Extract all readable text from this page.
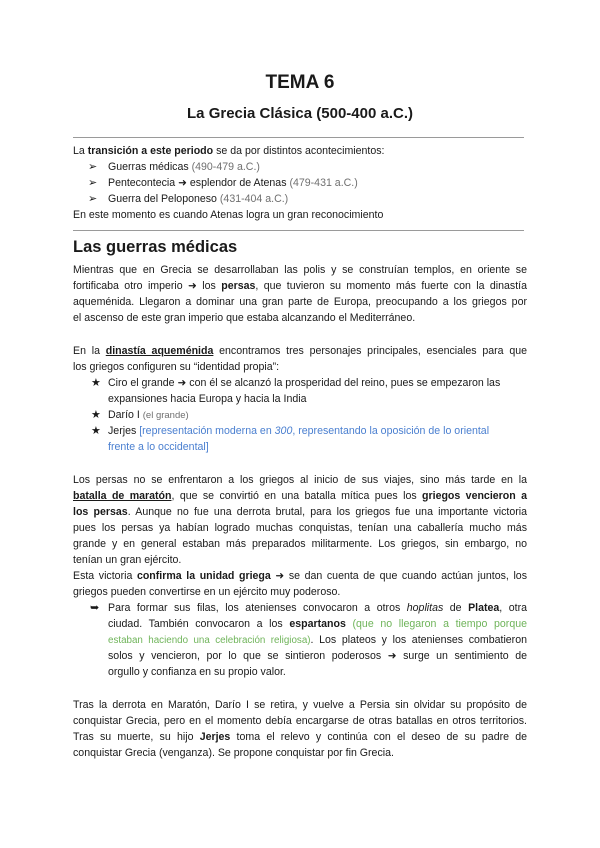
TEMA 6
La Grecia Clásica (500-400 a.C.)
La transición a este periodo se da por distintos acontecimientos:
➢ Guerras médicas (490-479 a.C.)
➢ Pentecontecia ➜ esplendor de Atenas (479-431 a.C.)
➢ Guerra del Peloponeso (431-404 a.C.)
En este momento es cuando Atenas logra un gran reconocimiento
Las guerras médicas
Mientras que en Grecia se desarrollaban las polis y se construían templos, en oriente se
fortificaba otro imperio ➜ los persas, que tuvieron su momento más fuerte con la dinastía
aqueménida. Llegaron a dominar una gran parte de Europa, preocupando a los griegos por
el ascenso de este gran imperio que estaba alcanzando el Mediterráneo.
En la dinastía aqueménida encontramos tres personajes principales, esenciales para que
los griegos configuren su “identidad propia”:
★ Ciro el grande ➜ con él se alcanzó la prosperidad del reino, pues se empezaron las
expansiones hacia Europa y hacia la India
★ Darío I (el grande)
★ Jerjes [representación moderna en 300, representando la oposición de lo oriental
frente a lo occidental]
Los persas no se enfrentaron a los griegos al inicio de sus viajes, sino más tarde en la
batalla de maratón, que se convirtió en una batalla mítica pues los griegos vencieron a
los persas. Aunque no fue una derrota brutal, para los griegos fue una importante victoria
pues los persas ya habían logrado muchas conquistas, tenían una caballería mucho más
grande y en general estaban más preparados militarmente. Los griegos, sin embargo, no
tenían un gran ejército.
Esta victoria confirma la unidad griega ➜ se dan cuenta de que cuando actúan juntos, los
griegos pueden convertirse en un ejército muy poderoso.
➥ Para formar sus filas, los atenienses convocaron a otros hoplitas de Platea, otra
ciudad. También convocaron a los espartanos (que no llegaron a tiempo porque
estaban haciendo una celebración religiosa). Los plateos y los atenienses combatieron
solos y vencieron, por lo que se sintieron poderosos ➜ surge un sentimiento de
orgullo y confianza en su propio valor.
Tras la derrota en Maratón, Darío I se retira, y vuelve a Persia sin olvidar su propósito de
conquistar Grecia, pero en el momento debía encargarse de otras batallas en otros territorios.
Tras su muerte, su hijo Jerjes toma el relevo y continúa con el deseo de su padre de
conquistar Grecia (venganza). Se propone conquistar por fin Grecia.
